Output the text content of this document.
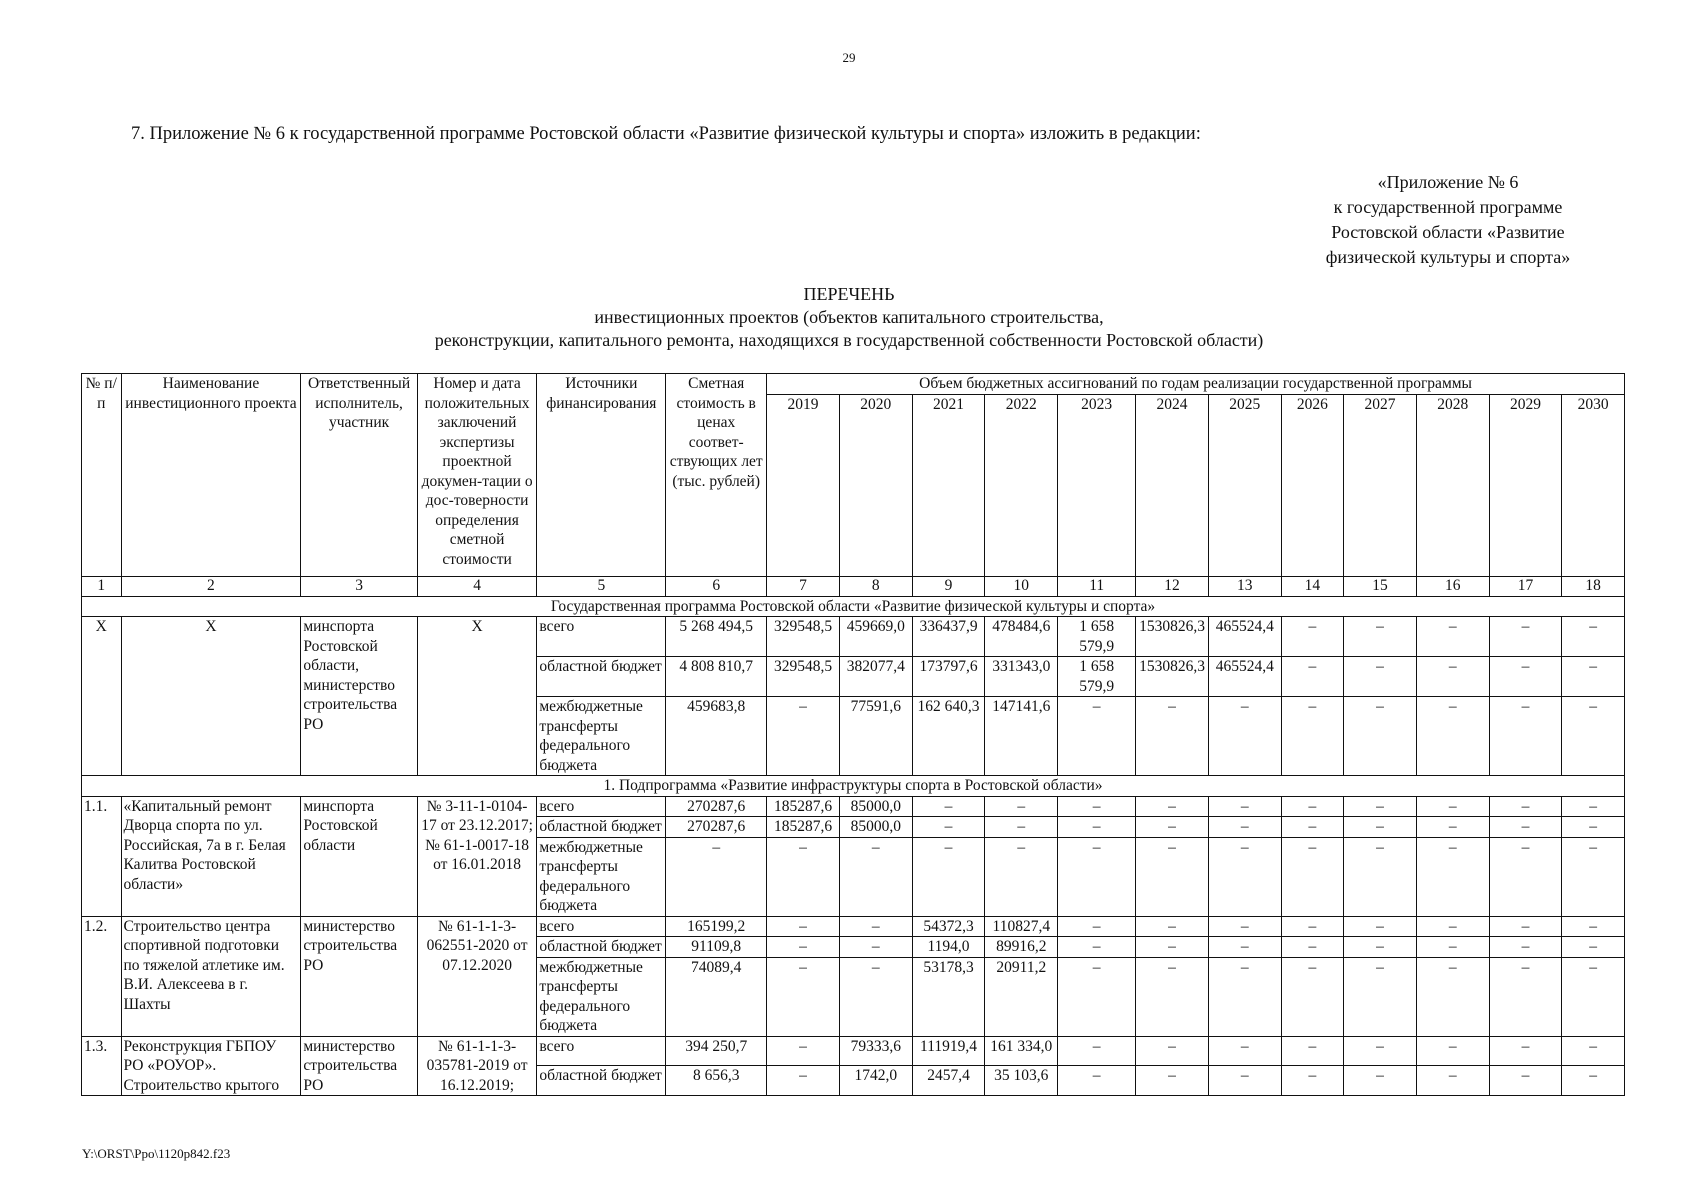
29
7. Приложение № 6 к государственной программе Ростовской области «Развитие физической культуры и спорта» изложить в редакции:
«Приложение № 6
к государственной программе
Ростовской области «Развитие
физической культуры и спорта»
ПЕРЕЧЕНЬ
инвестиционных проектов (объектов капитального строительства,
реконструкции, капитального ремонта, находящихся в государственной собственности Ростовской области)
№ п/п	Наименование инвестиционного проекта	Ответственный исполнитель, участник	Номер и дата положительных заключений экспертизы проектной докумен-тации о дос-товерности определения сметной стоимости	Источники финансирования	Сметная стоимость в ценах соответ-ствующих лет (тыс. рублей)	Объем бюджетных ассигнований по годам реализации государственной программы											
						2019	2020	2021	2022	2023	2024	2025	2026	2027	2028	2029	2030
1	2	3	4	5	6	7	8	9	10	11	12	13	14	15	16	17	18
Государственная программа Ростовской области «Развитие физической культуры и спорта»																	
Х	Х	минспорта Ростовской области, министерство строительства РО	Х	всего	5 268 494,5	329548,5	459669,0	336437,9	478484,6	1 658 579,9	1530826,3	465524,4	–	–	–	–	–
				областной бюджет	4 808 810,7	329548,5	382077,4	173797,6	331343,0	1 658 579,9	1530826,3	465524,4	–	–	–	–	–
				межбюджетные трансферты федерального бюджета	459683,8	–	77591,6	162 640,3	147141,6	–	–	–	–	–	–	–	–
1. Подпрограмма «Развитие инфраструктуры спорта в Ростовской области»																	
1.1.	«Капитальный ремонт Дворца спорта по ул. Российская, 7а в г. Белая Калитва Ростовской области»	минспорта Ростовской области	№ 3-11-1-0104-17 от 23.12.2017; № 61-1-0017-18 от 16.01.2018	всего	270287,6	185287,6	85000,0	–	–	–	–	–	–	–	–	–	–
				областной бюджет	270287,6	185287,6	85000,0	–	–	–	–	–	–	–	–	–	–
				межбюджетные трансферты федерального бюджета	–	–	–	–	–	–	–	–	–	–	–	–	–
1.2.	Строительство центра спортивной подготовки по тяжелой атлетике им. В.И. Алексеева в г. Шахты	министерство строительства РО	№ 61-1-1-3-062551-2020 от 07.12.2020	всего	165199,2	–	–	54372,3	110827,4	–	–	–	–	–	–	–	–
				областной бюджет	91109,8	–	–	1194,0	89916,2	–	–	–	–	–	–	–	–
				межбюджетные трансферты федерального бюджета	74089,4	–	–	53178,3	20911,2	–	–	–	–	–	–	–	–
1.3.	Реконструкция ГБПОУ РО «РОУОР». Строительство крытого	министерство строительства РО	№ 61-1-1-3-035781-2019 от 16.12.2019;	всего	394 250,7	–	79333,6	111919,4	161 334,0	–	–	–	–	–	–	–	–
				областной бюджет	8 656,3	–	1742,0	2457,4	35 103,6	–	–	–	–	–	–	–	–
Y:\ORST\Ppo\1120p842.f23
